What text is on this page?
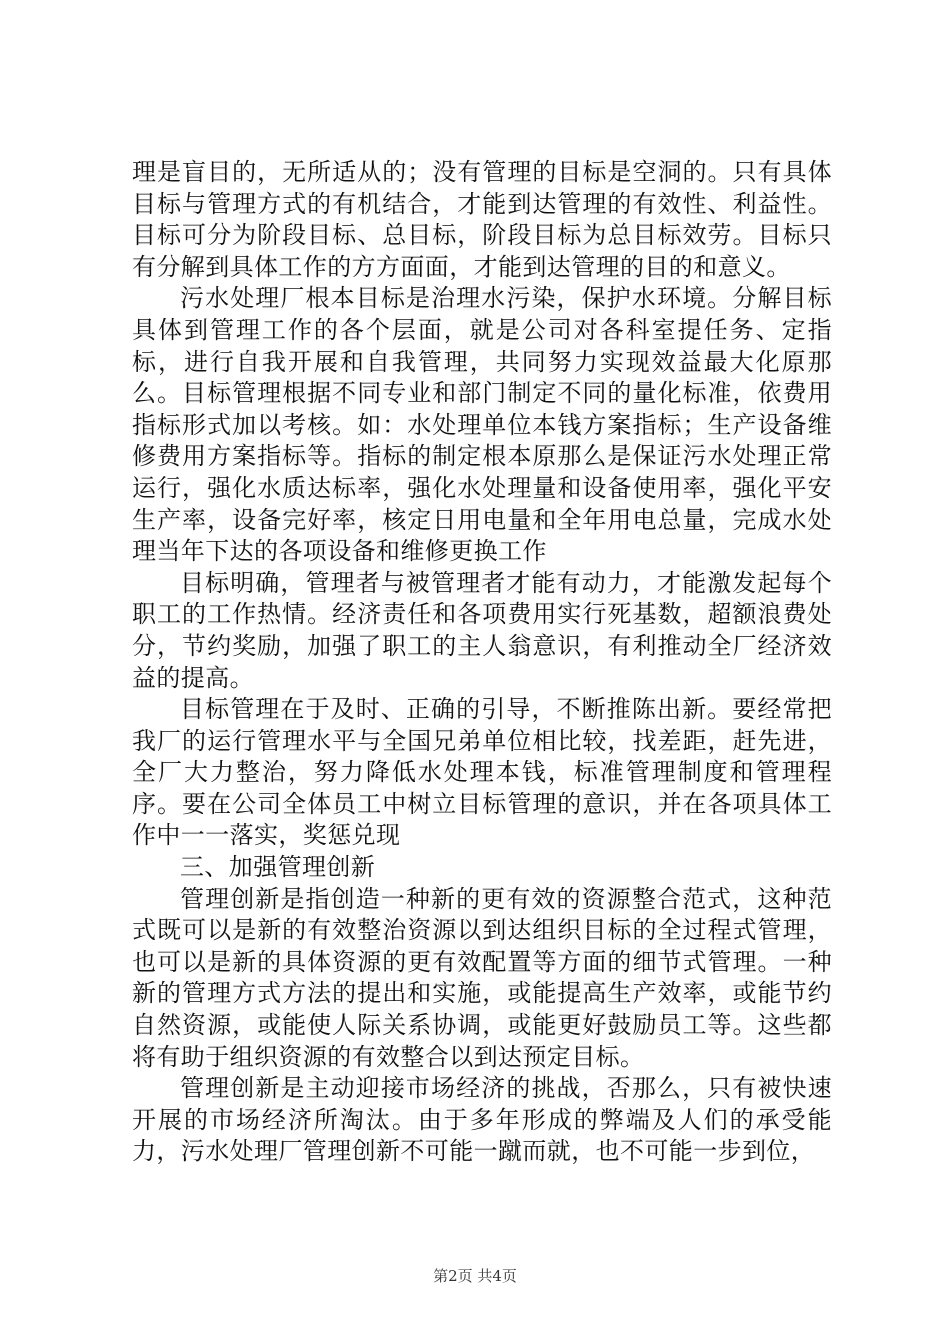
理是盲目的，无所适从的；没有管理的目标是空洞的。只有具体目标与管理方式的有机结合，才能到达管理的有效性、利益性。目标可分为阶段目标、总目标，阶段目标为总目标效劳。目标只有分解到具体工作的方方面面，才能到达管理的目的和意义。

污水处理厂根本目标是治理水污染，保护水环境。分解目标具体到管理工作的各个层面，就是公司对各科室提任务、定指标，进行自我开展和自我管理，共同努力实现效益最大化原那么。目标管理根据不同专业和部门制定不同的量化标准，依费用指标形式加以考核。如：水处理单位本钱方案指标；生产设备维修费用方案指标等。指标的制定根本原那么是保证污水处理正常运行，强化水质达标率，强化水处理量和设备使用率，强化平安生产率，设备完好率，核定日用电量和全年用电总量，完成水处理当年下达的各项设备和维修更换工作

目标明确，管理者与被管理者才能有动力，才能激发起每个职工的工作热情。经济责任和各项费用实行死基数，超额浪费处分，节约奖励，加强了职工的主人翁意识，有利推动全厂经济效益的提高。

目标管理在于及时、正确的引导，不断推陈出新。要经常把我厂的运行管理水平与全国兄弟单位相比较，找差距，赶先进，全厂大力整治，努力降低水处理本钱，标准管理制度和管理程序。要在公司全体员工中树立目标管理的意识，并在各项具体工作中一一落实，奖惩兑现

三、加强管理创新

管理创新是指创造一种新的更有效的资源整合范式，这种范式既可以是新的有效整治资源以到达组织目标的全过程式管理，也可以是新的具体资源的更有效配置等方面的细节式管理。一种新的管理方式方法的提出和实施，或能提高生产效率，或能节约自然资源，或能使人际关系协调，或能更好鼓励员工等。这些都将有助于组织资源的有效整合以到达预定目标。

管理创新是主动迎接市场经济的挑战，否那么，只有被快速开展的市场经济所淘汰。由于多年形成的弊端及人们的承受能力，污水处理厂管理创新不可能一蹴而就，也不可能一步到位，

第2页 共4页
